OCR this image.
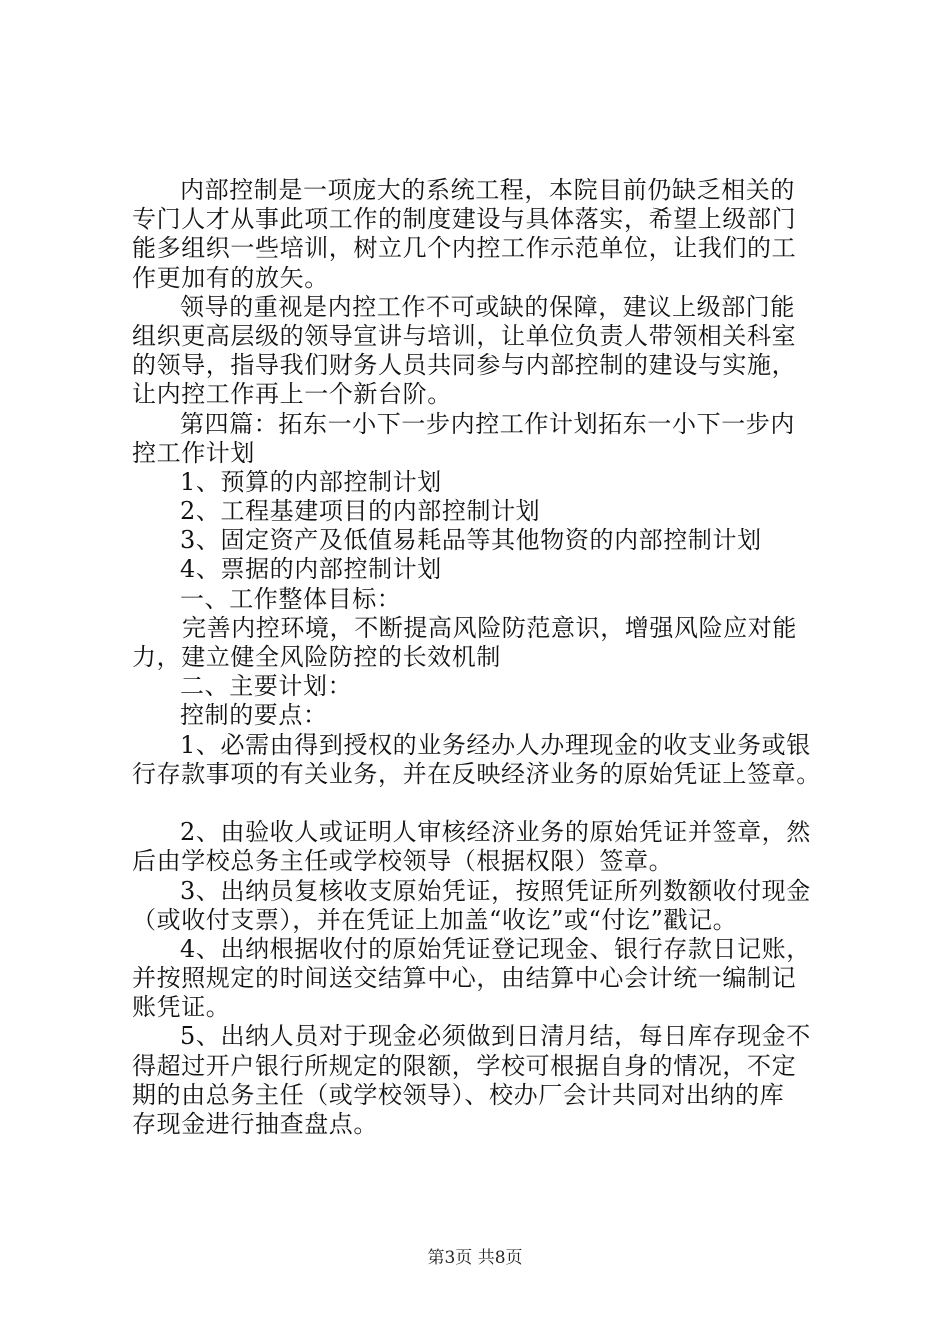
内部控制是一项庞大的系统工程，本院目前仍缺乏相关的
专门人才从事此项工作的制度建设与具体落实，希望上级部门
能多组织一些培训，树立几个内控工作示范单位，让我们的工
作更加有的放矢。
领导的重视是内控工作不可或缺的保障，建议上级部门能
组织更高层级的领导宣讲与培训，让单位负责人带领相关科室
的领导，指导我们财务人员共同参与内部控制的建设与实施，
让内控工作再上一个新台阶。
第四篇：拓东一小下一步内控工作计划拓东一小下一步内
控工作计划
1、预算的内部控制计划
2、工程基建项目的内部控制计划
3、固定资产及低值易耗品等其他物资的内部控制计划
4、票据的内部控制计划
一、工作整体目标：
完善内控环境，不断提高风险防范意识，增强风险应对能
力，建立健全风险防控的长效机制
二、主要计划：
控制的要点：
1、必需由得到授权的业务经办人办理现金的收支业务或银
行存款事项的有关业务，并在反映经济业务的原始凭证上签章。
2、由验收人或证明人审核经济业务的原始凭证并签章，然
后由学校总务主任或学校领导（根据权限）签章。
3、出纳员复核收支原始凭证，按照凭证所列数额收付现金
（或收付支票），并在凭证上加盖“收讫”或“付讫”戳记。
4、出纳根据收付的原始凭证登记现金、银行存款日记账，
并按照规定的时间送交结算中心，由结算中心会计统一编制记
账凭证。
5、出纳人员对于现金必须做到日清月结，每日库存现金不
得超过开户银行所规定的限额，学校可根据自身的情况，不定
期的由总务主任（或学校领导）、校办厂会计共同对出纳的库
存现金进行抽查盘点。
第3页 共8页
